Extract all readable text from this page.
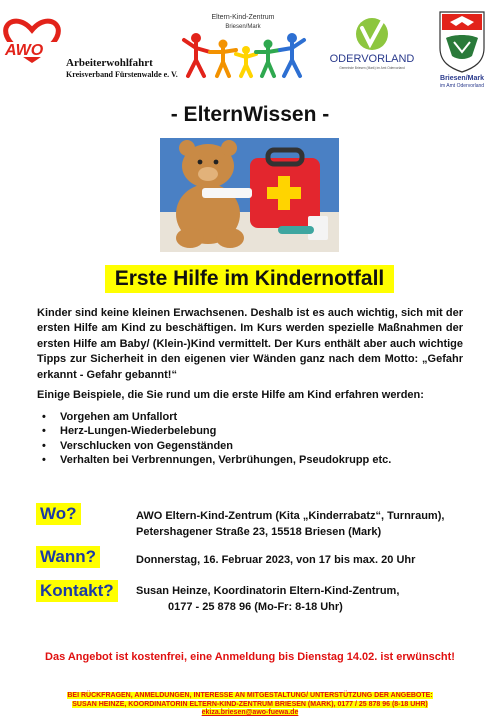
AWO
Arbeiterwohlfahrt
Kreisverband Fürstenwalde e. V.
Eltern-Kind-Zentrum
Briesen/Mark
ODERVORLAND
Gemeinde Briesen (Mark) im Amt Odervorland
Briesen/Mark
im Amt Odervorland
- ElternWissen -
Erste Hilfe im Kindernotfall
Kinder sind keine kleinen Erwachsenen. Deshalb ist es auch wichtig, sich mit der ersten Hilfe am Kind zu beschäftigen. Im Kurs werden spezielle Maßnahmen der ersten Hilfe am Baby/ (Klein-)Kind vermittelt. Der Kurs enthält aber auch wichtige Tipps zur Sicherheit in den eigenen vier Wänden ganz nach dem Motto: „Gefahr erkannt - Gefahr gebannt!“
Einige Beispiele, die Sie rund um die erste Hilfe am Kind erfahren werden:
• Vorgehen am Unfallort
• Herz-Lungen-Wiederbelebung
• Verschlucken von Gegenständen
• Verhalten bei Verbrennungen, Verbrühungen, Pseudokrupp etc.
Wo?	AWO Eltern-Kind-Zentrum (Kita „Kinderrabatz“, Turnraum),
Petershagener Straße 23, 15518 Briesen (Mark)
Wann?	Donnerstag, 16. Februar 2023, von 17 bis max. 20 Uhr
Kontakt?	Susan Heinze, Koordinatorin Eltern-Kind-Zentrum,
0177 - 25 878 96 (Mo-Fr: 8-18 Uhr)
Das Angebot ist kostenfrei, eine Anmeldung bis Dienstag 14.02. ist erwünscht!
BEI RÜCKFRAGEN, ANMELDUNGEN, INTERESSE AN MITGESTALTUNG/ UNTERSTÜTZUNG DER ANGEBOTE:
SUSAN HEINZE, KOORDINATORIN ELTERN-KIND-ZENTRUM BRIESEN (MARK), 0177 / 25 878 96 (8-18 UHR)
ekiza.briesen@awo-fuewa.de
